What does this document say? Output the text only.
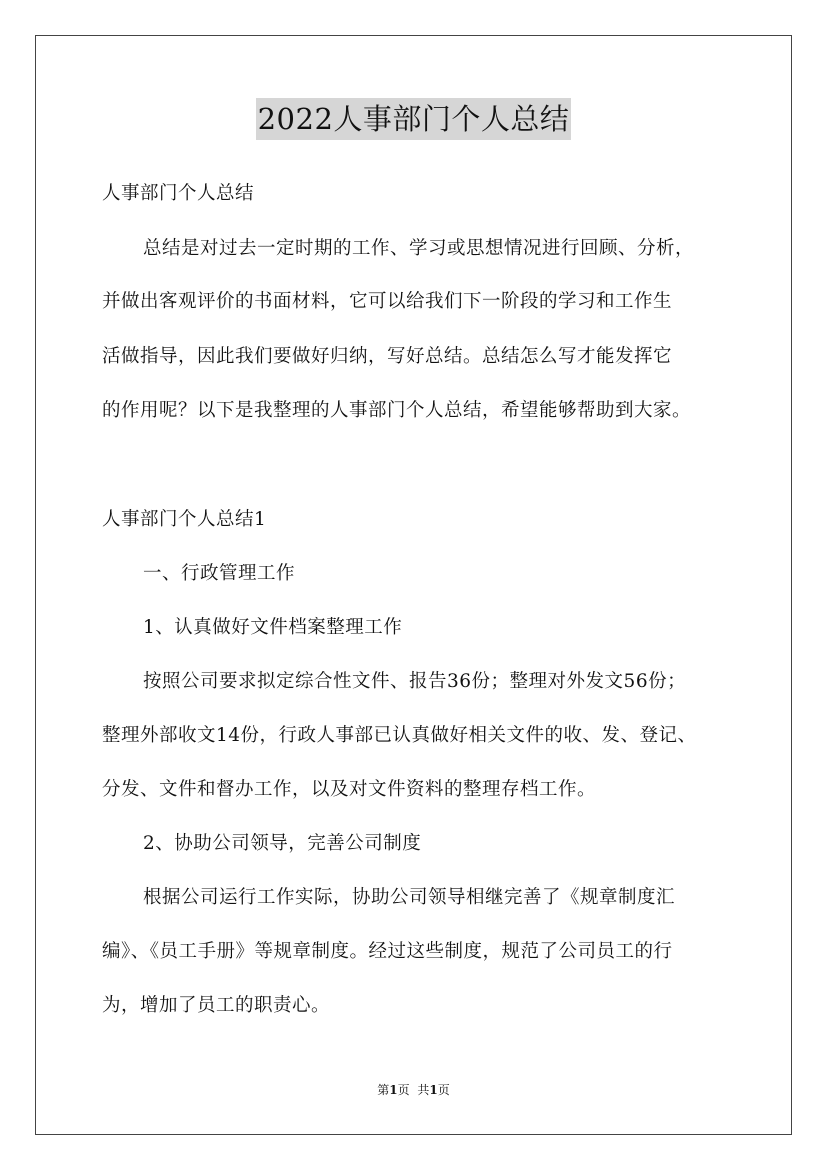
2022人事部门个人总结
人事部门个人总结
总结是对过去一定时期的工作、学习或思想情况进行回顾、分析，
并做出客观评价的书面材料，它可以给我们下一阶段的学习和工作生
活做指导，因此我们要做好归纳，写好总结。总结怎么写才能发挥它
的作用呢？以下是我整理的人事部门个人总结，希望能够帮助到大家。
人事部门个人总结1
一、行政管理工作
1、认真做好文件档案整理工作
按照公司要求拟定综合性文件、报告36份；整理对外发文56份；
整理外部收文14份，行政人事部已认真做好相关文件的收、发、登记、
分发、文件和督办工作，以及对文件资料的整理存档工作。
2、协助公司领导，完善公司制度
根据公司运行工作实际，协助公司领导相继完善了《规章制度汇
编》、《员工手册》等规章制度。经过这些制度，规范了公司员工的行
为，增加了员工的职责心。
第1页 共1页
